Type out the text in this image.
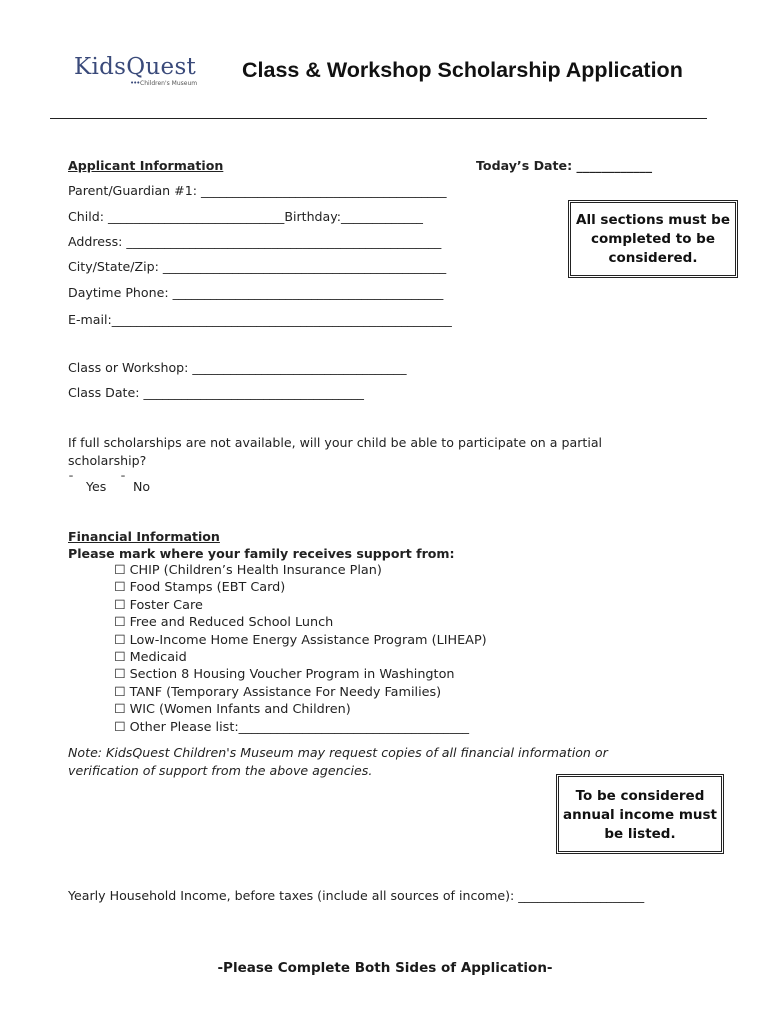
KidsQuest
••• Children's Museum
Class & Workshop Scholarship Application
Applicant Information	Today’s Date: ____________
Parent/Guardian #1: _______________________________________
Child: ____________________________Birthday:_____________
Address: __________________________________________________
City/State/Zip: _____________________________________________
Daytime Phone: ___________________________________________
E-mail:______________________________________________________
All sections must be completed to be considered.
Class or Workshop: __________________________________
Class Date: ___________________________________
If full scholarships are not available, will your child be able to participate on a partial
scholarship?
¯ Yes ¯ No
Financial Information
Please mark where your family receives support from:
☐ CHIP (Children’s Health Insurance Plan)
☐ Food Stamps (EBT Card)
☐ Foster Care
☐ Free and Reduced School Lunch
☐ Low-Income Home Energy Assistance Program (LIHEAP)
☐ Medicaid
☐ Section 8 Housing Voucher Program in Washington
☐ TANF (Temporary Assistance For Needy Families)
☐ WIC (Women Infants and Children)
☐ Other Please list:____________________________________
Note: KidsQuest Children's Museum may request copies of all financial information or
verification of support from the above agencies.
To be considered annual income must be listed.
Yearly Household Income, before taxes (include all sources of income): ____________________
-Please Complete Both Sides of Application-
